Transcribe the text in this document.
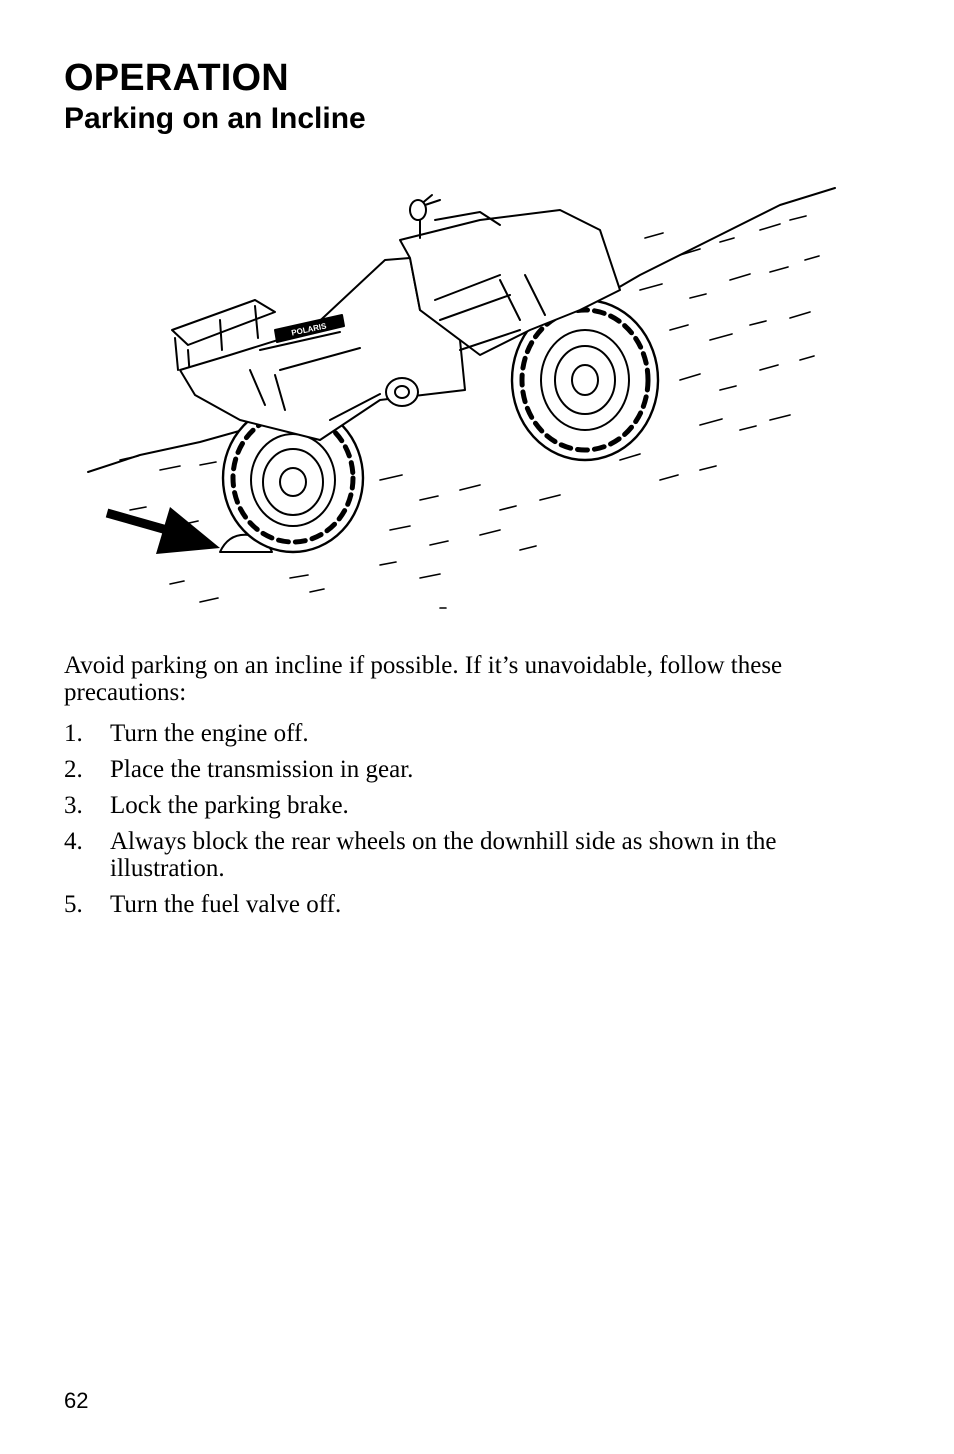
OPERATION
Parking on an Incline
POLARIS

Avoid parking on an incline if possible. If it’s unavoidable, follow these precautions:

1.	Turn the engine off.
2.	Place the transmission in gear.
3.	Lock the parking brake.
4.	Always block the rear wheels on the downhill side as shown in the illustration.
5.	Turn the fuel valve off.
62
